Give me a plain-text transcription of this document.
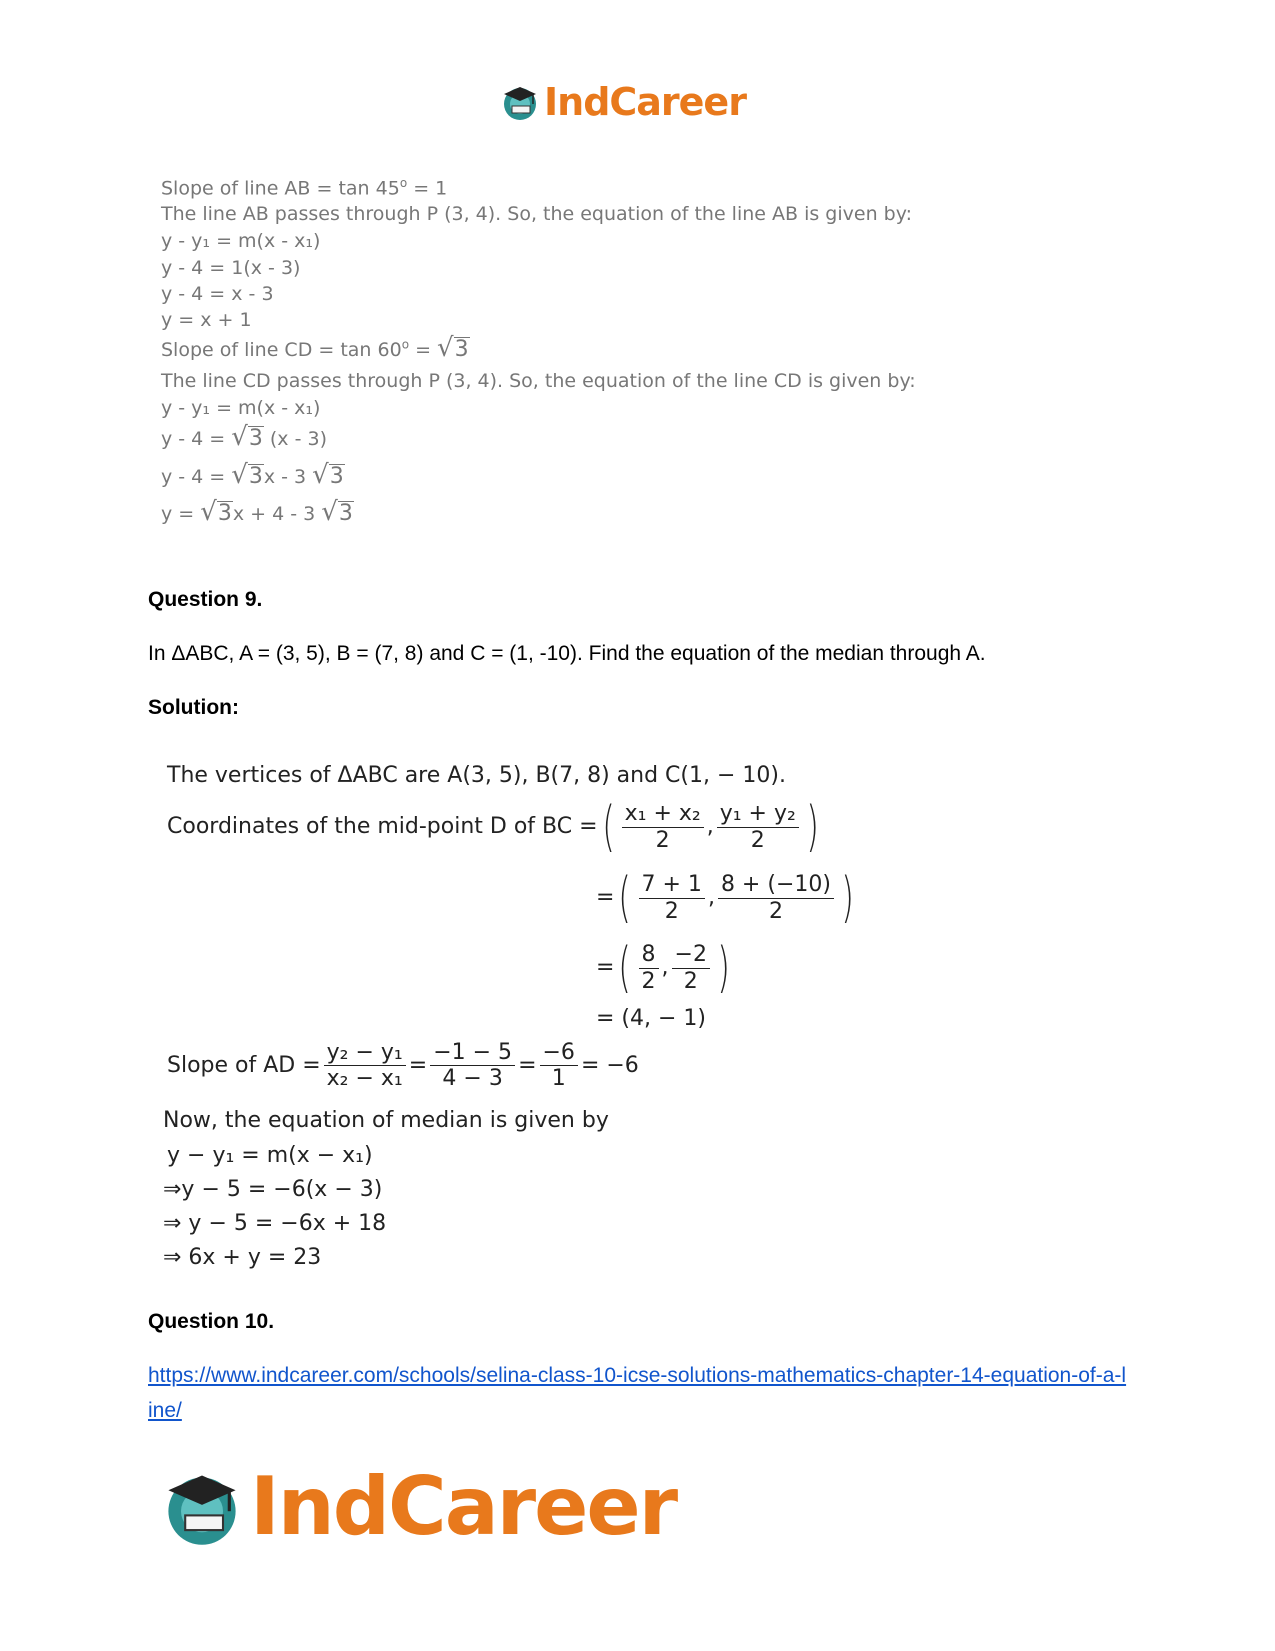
IndCareer
Slope of line AB = $\tan 45^o = 1$
The line AB passes through P (3, 4). So, the equation of the line AB is given by:
y - y₁ = m(x - x₁)
y - 4 = 1(x - 3)
y - 4 = x - 3
y = x + 1
Slope of line CD = $\tan 60^o$ = √ 3
The line CD passes through P (3, 4). So, the equation of the line CD is given by:
y - y₁ = m(x - x₁)
y - 4 = √ 3 (x - 3)
y - 4 = √ 3 x - 3 √ 3
y = √ 3 x + 4 - 3 √ 3
Question 9.
In ΔABC, A = (3, 5), B = (7, 8) and C = (1, -10). Find the equation of the median through A.
Solution:
The vertices of ΔABC are A(3, 5), B(7, 8) and C(1, − 10).
Coordinates of the mid-point D of BC =( $\frac{\text{x₁ + x₂}}{2}$ , $\frac{\text{y₁ + y₂}}{2}$ )
=( $\frac{7 + 1}{2}$ , $\frac{8 + (-10)}{2}$ )
=( $\frac{8}{2}$ , $\frac{-2}{2}$ )
= (4, − 1)
Slope of AD = $\frac{\text{y₂ − y₁}}{\text{x₂ − x₁}} = \frac{-1 - 5}{4 - 3} = \frac{-6}{1} = -6$
Now, the equation of median is given by
y − y₁ = m(x − x₁)
⇒y − 5 = −6(x − 3)
⇒ y − 5 = −6x + 18
⇒ 6x + y = 23
Question 10.
https://www.indcareer.com/schools/selina-class-10-icse-solutions-mathematics-chapter-14-equation-of-a-line/
IndCareer
